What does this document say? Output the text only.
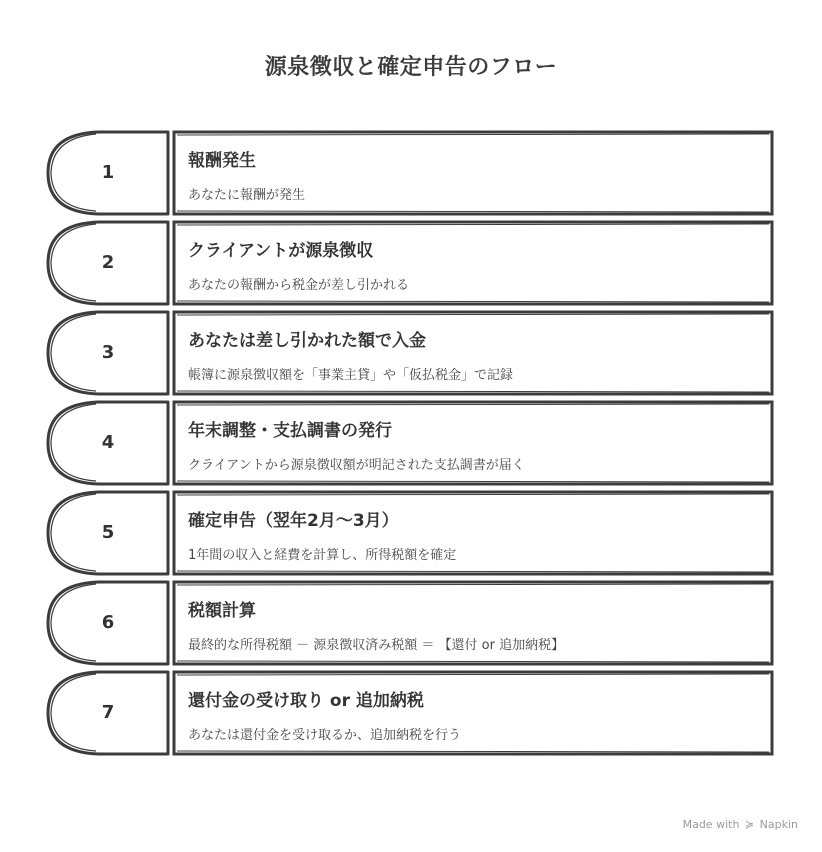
源泉徴収と確定申告のフロー
1
報酬発生
あなたに報酬が発生
2
クライアントが源泉徴収
あなたの報酬から税金が差し引かれる
3
あなたは差し引かれた額で入金
帳簿に源泉徴収額を「事業主貸」や「仮払税金」で記録
4
年末調整・支払調書の発行
クライアントから源泉徴収額が明記された支払調書が届く
5
確定申告（翌年2月〜3月）
1年間の収入と経費を計算し、所得税額を確定
6
税額計算
最終的な所得税額 － 源泉徴収済み税額 ＝ 【還付 or 追加納税】
7
還付金の受け取り or 追加納税
あなたは還付金を受け取るか、追加納税を行う
Made with ≽ Napkin
